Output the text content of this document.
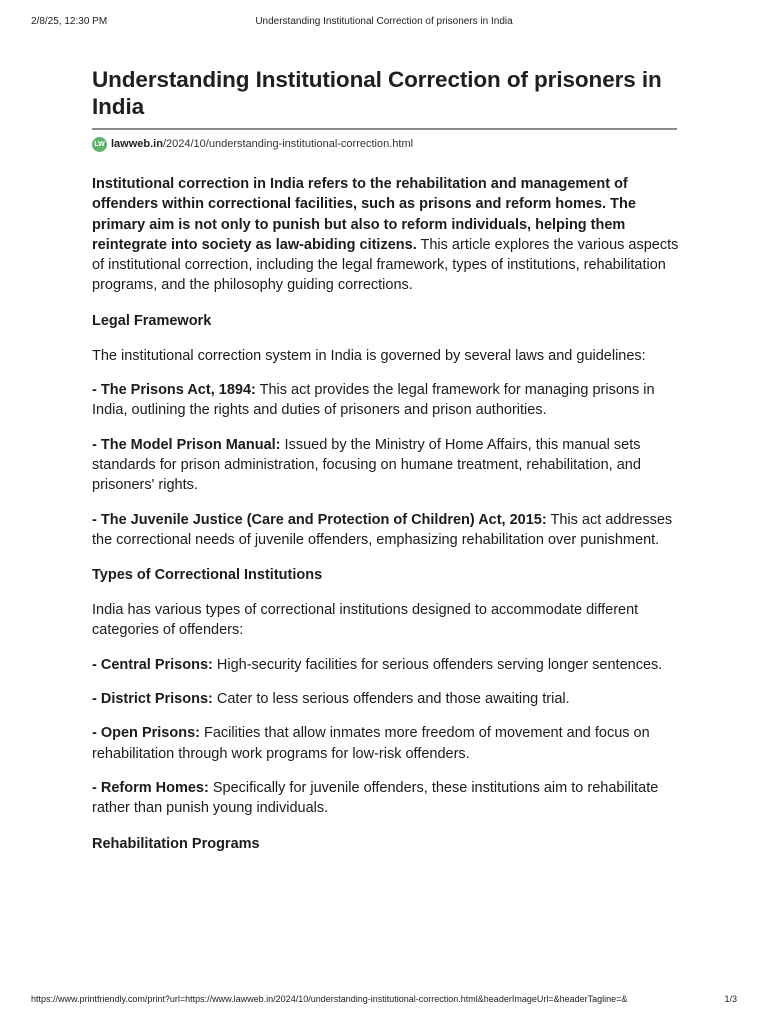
2/8/25, 12:30 PM	Understanding Institutional Correction of prisoners in India
Understanding Institutional Correction of prisoners in India
LW lawweb.in/2024/10/understanding-institutional-correction.html

Institutional correction in India refers to the rehabilitation and management of offenders within correctional facilities, such as prisons and reform homes. The primary aim is not only to punish but also to reform individuals, helping them reintegrate into society as law-abiding citizens. This article explores the various aspects of institutional correction, including the legal framework, types of institutions, rehabilitation programs, and the philosophy guiding corrections.

Legal Framework

The institutional correction system in India is governed by several laws and guidelines:

- The Prisons Act, 1894: This act provides the legal framework for managing prisons in India, outlining the rights and duties of prisoners and prison authorities.

- The Model Prison Manual: Issued by the Ministry of Home Affairs, this manual sets standards for prison administration, focusing on humane treatment, rehabilitation, and prisoners' rights.

- The Juvenile Justice (Care and Protection of Children) Act, 2015: This act addresses the correctional needs of juvenile offenders, emphasizing rehabilitation over punishment.

Types of Correctional Institutions

India has various types of correctional institutions designed to accommodate different categories of offenders:

- Central Prisons: High-security facilities for serious offenders serving longer sentences.

- District Prisons: Cater to less serious offenders and those awaiting trial.

- Open Prisons: Facilities that allow inmates more freedom of movement and focus on rehabilitation through work programs for low-risk offenders.

- Reform Homes: Specifically for juvenile offenders, these institutions aim to rehabilitate rather than punish young individuals.

Rehabilitation Programs

https://www.printfriendly.com/print?url=https://www.lawweb.in/2024/10/understanding-institutional-correction.html&headerImageUrl=&headerTagline=&	1/3
